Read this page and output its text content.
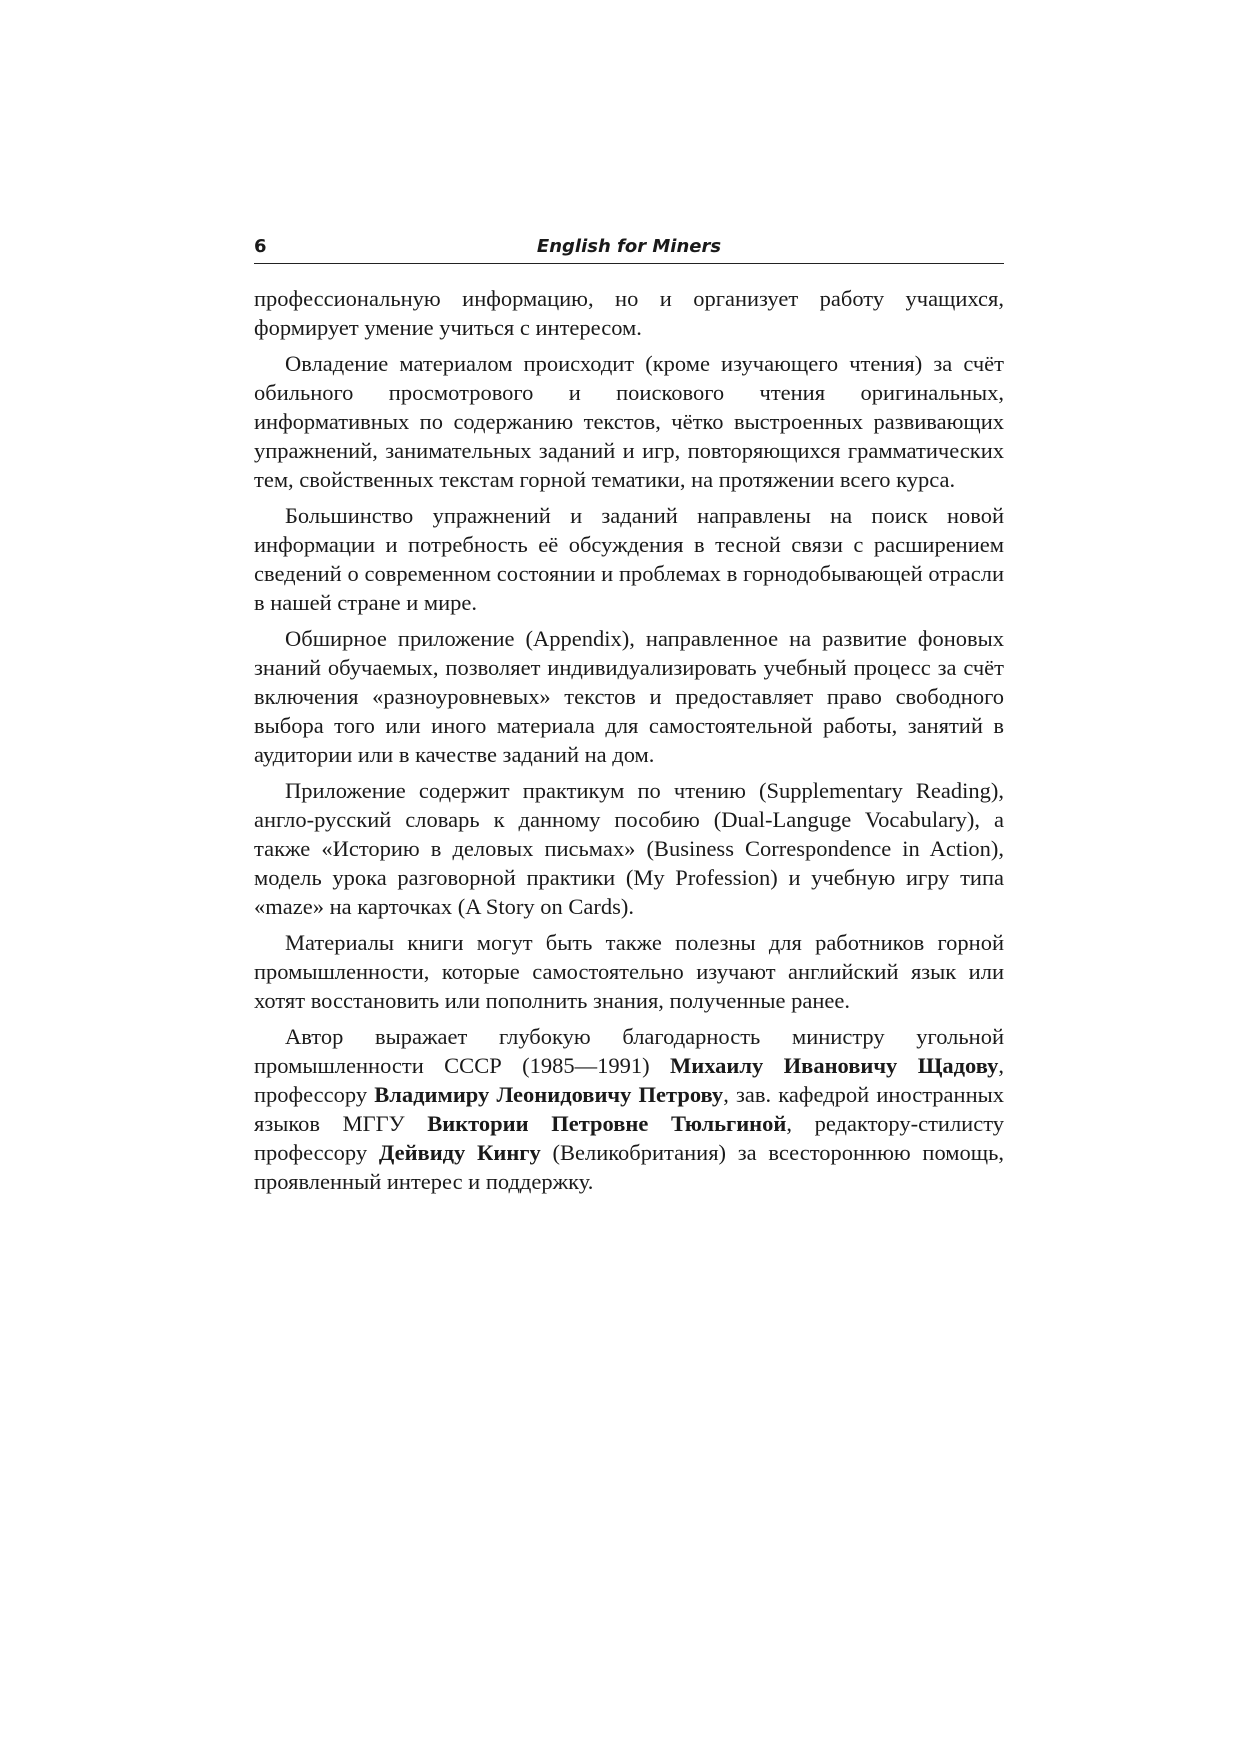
6	English for Miners

профессиональную информацию, но и организует работу учащихся, формирует умение учиться с интересом.

Овладение материалом происходит (кроме изучающего чтения) за счёт обильного просмотрового и поискового чтения оригинальных, информативных по содержанию текстов, чётко выстроенных развивающих упражнений, занимательных заданий и игр, повторяющихся грамматических тем, свойственных текстам горной тематики, на протяжении всего курса.

Большинство упражнений и заданий направлены на поиск новой информации и потребность её обсуждения в тесной связи с расширением сведений о современном состоянии и проблемах в горнодобывающей отрасли в нашей стране и мире.

Обширное приложение (Appendix), направленное на развитие фоновых знаний обучаемых, позволяет индивидуализировать учебный процесс за счёт включения «разноуровневых» текстов и предоставляет право свободного выбора того или иного материала для самостоятельной работы, занятий в аудитории или в качестве заданий на дом.

Приложение содержит практикум по чтению (Supplementary Reading), англо-русский словарь к данному пособию (Dual-Languge Vocabulary), а также «Историю в деловых письмах» (Business Correspondence in Action), модель урока разговорной практики (My Profession) и учебную игру типа «maze» на карточках (A Story on Cards).

Материалы книги могут быть также полезны для работников горной промышленности, которые самостоятельно изучают английский язык или хотят восстановить или пополнить знания, полученные ранее.

Автор выражает глубокую благодарность министру угольной промышленности СССР (1985—1991) Михаилу Ивановичу Щадову, профессору Владимиру Леонидовичу Петрову, зав. кафедрой иностранных языков МГГУ Виктории Петровне Тюльгиной, редактору-стилисту профессору Дейвиду Кингу (Великобритания) за всестороннюю помощь, проявленный интерес и поддержку.
